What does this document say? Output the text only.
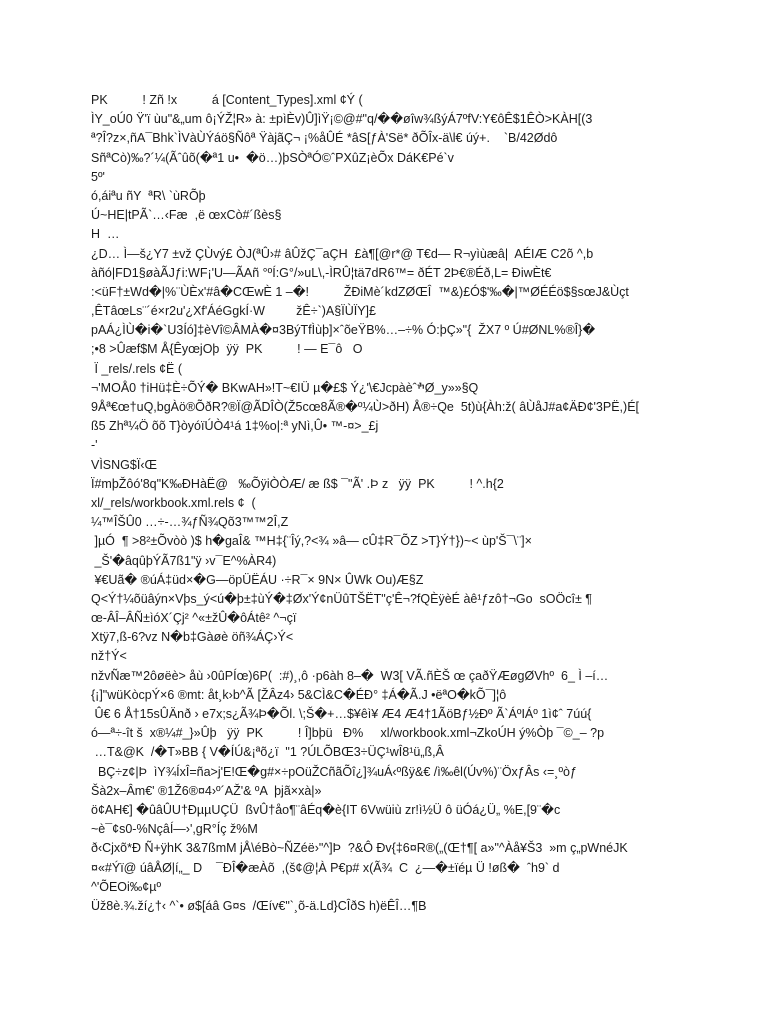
PK          ! Zñ !x          á [Content_Types].xml ¢Ý (
ÌY_oÚ0 Ÿ'ï ùu"&„um ô¡ÝŽ¦R» à: ±pìÈv)Û]ìŸ¡©@#"q/��øîw¾ßýÁ7ºfV:Y€ôÊ$1ÊÒ>KÀH[(3
ª?Î?z×,ñA¯Bhk`ÌVàÙÝáö§Ñôª ŸàjãÇ¬ ¡%åÛÉ *âS[ƒÀ'Së* ðÕÎx-ä\l€ úý+.    `B/42Ødô
SñªCò)‰?´¼(Ãˆûõ(�ª1 u•  �ö…)þSÒªÓ©ˆPXûZ¡èÕx DáK€Pé`v
5º'
ó,áiªu ñY  ªR\ `ùRÕþ
Ú~HE|tPÃ`…‹Fæ  ,ë œxCò#´ßès§
H  …
¿D… Ì—š¿Y7 ±vž ÇÙvý£ ÒJ(ªÛ›# âÛžÇ¯aÇH  £à¶[@r*@ T€d— R¬yìùæâ|  AÉIÆ C2õ ^,b
àñó|FD1§øàÃJƒi:WF¡'U—ÃAñ °ºÍ:G°/»uL\,-ÌRÛ¦tä7dR6™= ðÉT 2Þ€®Éð,L= ÐiwÈt€
:<üF†±Wd�|%¨ÙÈx'#â�CŒwÈ 1 –�!          ŽÐiMè´kdZØŒÎ  ™&)£Ó$'‰�|™ØÉÉö$§sœJ&Ùçt
,ÊTâœLs¨´é×r2u'¿Xf'ÁéGgkÍ·W         žÊ÷`)A§ÏÙÏY]£
pAÁ¿ÌÙ�i�`U3Íó]‡èVî©ÂMÀ�¤3BýTfÌùþ]×ˆõeŸB%…–÷% Ó:þÇ»"{  ŽX7 º Ú#ØNL%®Î}�
;•8 >Ûæf$M Å{ÊyœjOþ  ÿÿ  PK          ! — E¯ô   O
Ï _rels/.rels ¢Ë (
¬'MOÅ0 †iHü‡È÷ÕÝ� BKwAH»!T~€IÜ µ�£$ Ý¿'\€JcpàèˆׯØ_y»»§Q
9Åª€œ†uQ,bgÀö®ÕðR?®Ï@ÃDÎÒ(Ž5cœ8Ã®�º¼Ù>ðH) Å®÷Qe  5t)ù{Àh:ž( âÙåJ#a¢ÄÐ¢'3PË,)É[
ß5 Zhª¼Ö õõ T}òyóïÚÒ4¹á 1‡%o|:ª yNì,Û• ™-¤>_£j
-'
VÌSNG$Ï‹Œ
Ï#mþŽôó'8q"K‰ÐHàË@   ‰ÕÿiÒÒÆ/ æ ß$ ¯"Ã' .Þ z   ÿÿ  PK          ! ^.h{2
xl/_rels/workbook.xml.rels ¢  (
¼™ÎŠÛ0 …÷-…¾ƒÑ¾Qõ3™™2Î,Z
]µÓ  ¶ >8²±Õvòò )$ h�gaÎ& ™H‡{¨Îý,?<¾ »â— cÛ‡R¯ÕZ >T}Ý†})~< ùp'Š¯\¨]×
_Š'�âqûþÝÃ7ß1"ÿ ›v¯E^%ÀR4)
¥€Uã� ®úÁ‡üd×�G—öpÜËÁU ·÷R¯× 9N× ÛWk Ou)Æ§Z
Q<Ý†¼õüâýn×Vþs_ý<ú�þ±‡ùÝ�‡Øx'Ý¢nÜûTŠËT"ç'Ê¬?fQÈÿèÉ àê¹ƒzô†¬Go  sOÖcî± ¶
œ-ÂÎ–ÂÑ±ìóX´Çj² ^«±žÛ�ôÁtê² ^¬çï
Xtÿ7,ß-6?vz N�b‡Gàøè öñ¾ÁÇ›Ý<
nž†Ý<
nžvÑæ™2ôøëè> åù ›0ûPÍœ)6P(  :#)¸,ô ·p6àh 8–�  W3[ VÃ.ñÈŠ œ çaðŸÆøgØVhº  6_ Ì –í…
{¡]"wüKòcpÝ×6 ®mt: åt¸k›b^Ã [ŽÂz4› 5&CÌ&C�ÉÐ° ‡Á�Ã.J •ëªO�kÕ¯]¦ô
Û€ 6 Å†15sÛÄnð › e7x;s¿Ã¾Þ�Õl. \;Š�+…$¥êì¥ Æ4 Æ4†1ÃöBƒ½Ðº Ã`ÁºIÁº 1ì¢ˆ 7úú{
ó—ª÷-ît š  x®¼#_}»Ûþ   ÿÿ  PK          ! Î]bþü   Ð%     xl/workbook.xml¬ZkoÚH ý%Òþ ¯©_– ?p
…T&@K  /�T»BB { V�ÍÚ&¡ªõ¿ï  "1 ?ÚLÕBŒ3÷ÜÇ¹wÎ8¹ü„ß,Â
BÇ÷z¢|Þ  ìY¾ÍxÎ=ña>j'E!Œ�g#×÷pOüŽCñãÕî¿]¾uÁ‹ºßÿ&€ /ì‰êl(Úv%)¨ÖxƒÂs ‹=¸ºòƒ
Šà2x–Âm€' ®1Ž6®¤4›º´AŽ'& ºA  þjã×xà|»
ö¢AH€] �ûâÛU†ÐµµUÇÜ  ßvÛ†åo¶¨âÉq�è{IT 6Vwüiù zr!ì½Ü ô üÓá¿Ü„ %E,[9¨�c
~è¯¢s0-%NçâÍ—›',gR°Íç ž%M
ð‹Cjxõ*Ð Ñ+ÿhK 3&7ßmM jÅ\éBò~ÑZéë›"^]Þ  ?&Ô Ðv{‡6¤R®(„(Œ†¶[ a»"^Àå¥Š3  »m ç„pWnéJK
¤«#Ýï@ úâÅØ|í„_ D    ¯ÐÎ�æÀõ  ,(š¢@¦À P€p# x(Ã¾  C  ¿—�±ïéµ Ü !øß�  ˆh9` d
^'ÕEOi‰¢µº
Üž8è.¾.ží¿†‹ ^`• ø$[áâ G¤s  /Œív€"`¸õ-ä.Ld}CÎðS h)ëÊÎ…¶B
